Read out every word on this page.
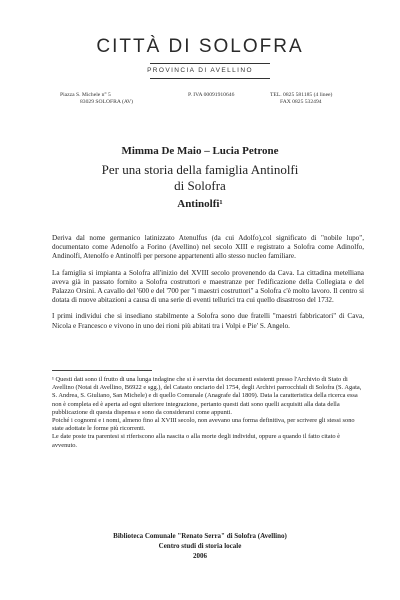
CITTÀ DI SOLOFRA
PROVINCIA DI AVELLINO
Piazza S. Michele n° 5
83029 SOLOFRA (AV)
P. IVA 00091910646	TEL. 0825 581185 (4 linee)
FAX 0825 532494
Mimma De Maio – Lucia Petrone
Per una storia della famiglia Antinolfi
di Solofra
Antinolfi¹

Deriva dal nome germanico latinizzato Atenulfus (da cui Adolfo),col significato di "nobile lupo", documentato come Adenolfo a Forino (Avellino) nel secolo XIII e registrato a Solofra come Adinolfo, Andinolfi, Atenolfo e Antinolfi per persone appartenenti allo stesso nucleo familiare.

La famiglia si impianta a Solofra all'inizio del XVIII secolo provenendo da Cava. La cittadina metelliana aveva già in passato fornito a Solofra costruttori e maestranze per l'edificazione della Collegiata e del Palazzo Orsini. A cavallo del '600 e del '700 per "i maestri costruttori" a Solofra c'è molto lavoro. Il centro si dotata di nuove abitazioni a causa di una serie di eventi tellurici tra cui quello disastroso del 1732.

I primi individui che si insediano stabilmente a Solofra sono due fratelli "maestri fabbricatori" di Cava, Nicola e Francesco e vivono in uno dei rioni più abitati tra i Volpi e Pie' S. Angelo.

¹ Questi dati sono il frutto di una lunga indagine che si è servita dei documenti esistenti presso l'Archivio di Stato di Avellino (Notai di Avellino, B6922 e sgg.), del Catasto onciario del 1754, degli Archivi parrocchiali di Solofra (S. Agata, S. Andrea, S. Giuliano, San Michele) e di quello Comunale (Anagrafe dal 1809). Data la caratteristica della ricerca essa non è completa ed è aperta ad ogni ulteriore integrazione, pertanto questi dati sono quelli acquisiti alla data della pubblicazione di questa dispensa e sono da considerarsi come appunti.

Poiché i cognomi e i nomi, almeno fino al XVIII secolo, non avevano una forma definitiva, per scrivere gli stessi sono state adottate le forme più ricorrenti.

Le date poste tra parentesi si riferiscono alla nascita o alla morte degli individui, oppure a quando il fatto citato è avvenuto.

Biblioteca Comunale "Renato Serra" di Solofra (Avellino)
Centro studi di storia locale
2006
